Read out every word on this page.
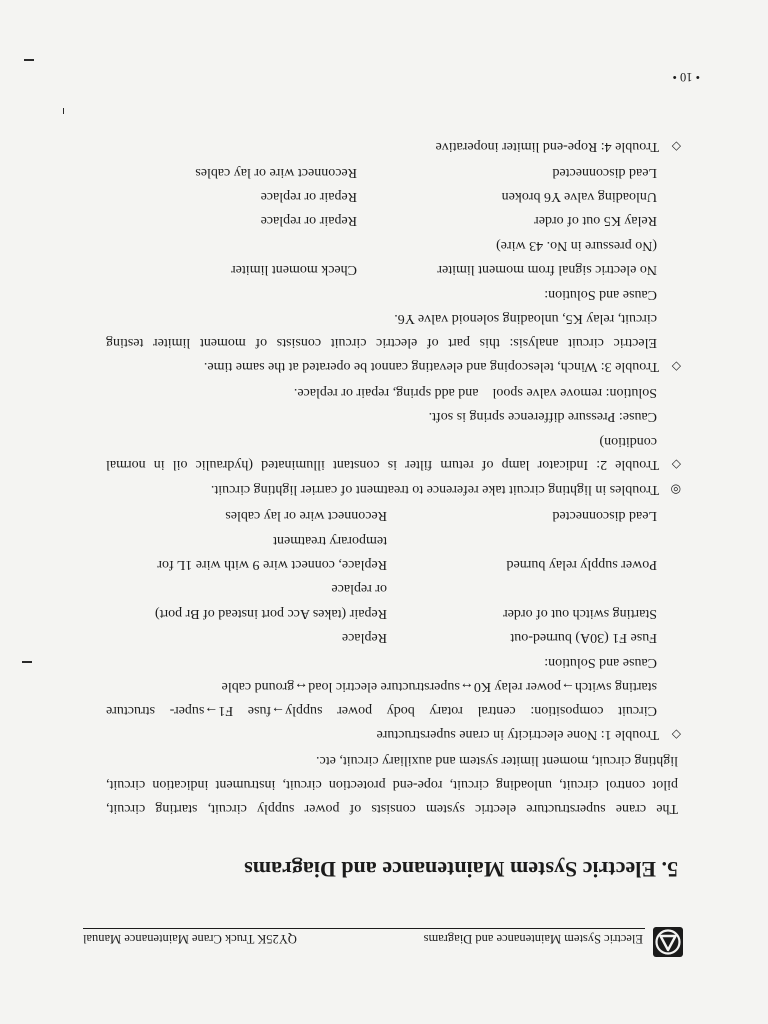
Electric System Maintenance and Diagrams
QY25K Truck Crane Maintenance Manual
5. Electric System Maintenance and Diagrams
The crane superstructure electric system consists of power supply circuit, starting circuit,
pilot control circuit, unloading circuit, rope-end protection circuit, instrument indication circuit,
lighting circuit, moment limiter system and auxiliary circuit, etc.
◇Trouble 1: None electricity in crane superstructure
Circuit composition: central rotary body power supply→fuse F1→super- structure
starting switch→power relay K0↔superstructure electric load↔ground cable
Cause and Solution:
Fuse F1 (30A) burned-out
Replace
Starting switch out of order
Repair (takes Acc port instead of Br port)
or replace
Power supply relay burned
Replace, connect wire 9 with wire 1L for
temporary treatment
Lead disconnected
Reconnect wire or lay cables
◎Troubles in lighting circuit take reference to treatment of carrier lighting circuit.
◇Trouble 2: Indicator lamp of return filter is constant illuminated (hydraulic oil in normal
condition)
Cause: Pressure difference spring is soft.
Solution: remove valve spool    and add spring, repair or replace.
◇Trouble 3: Winch, telescoping and elevating cannot be operated at the same time.
Electric circuit analysis: this part of electric circuit consists of moment limiter testing
circuit, relay K5, unloading solenoid valve Y6.
Cause and Solution:
No electric signal from moment limiter
Check moment limiter
(No pressure in No. 43 wire)
Relay K5 out of order
Repair or replace
Unloading valve Y6 broken
Repair or replace
Lead disconnected
Reconnect wire or lay cables
◇Trouble 4: Rope-end limiter inoperative
• 10 •
